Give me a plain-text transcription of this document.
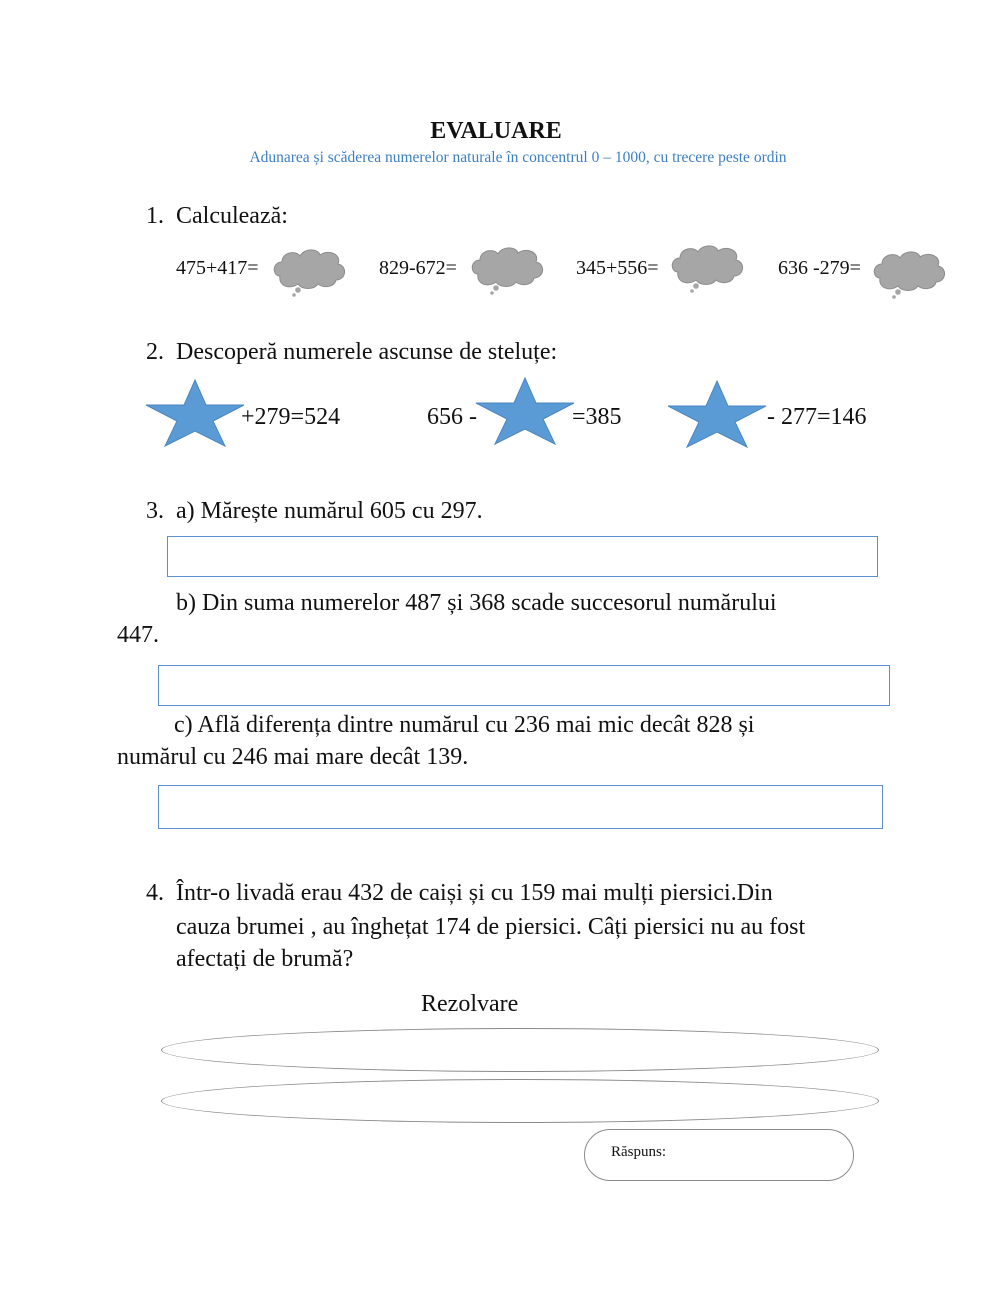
EVALUARE
Adunarea și scăderea numerelor naturale în concentrul 0 – 1000, cu trecere peste ordin
1. Calculează:
475+417=	829-672=	345+556=	636 -279=
2. Descoperă numerele ascunse de steluțe:
+279=524	656 -	=385	- 277=146
3. a) Mărește numărul 605 cu 297.
b) Din suma numerelor 487 și 368 scade succesorul numărului
447.
c) Află diferența dintre numărul cu 236 mai mic decât 828 și
numărul cu 246 mai mare decât 139.
4. Într-o livadă erau 432 de caiși și cu 159 mai mulți piersici.Din
cauza brumei , au înghețat 174 de piersici. Câți piersici nu au fost
afectați de brumă?
Rezolvare
Răspuns:
